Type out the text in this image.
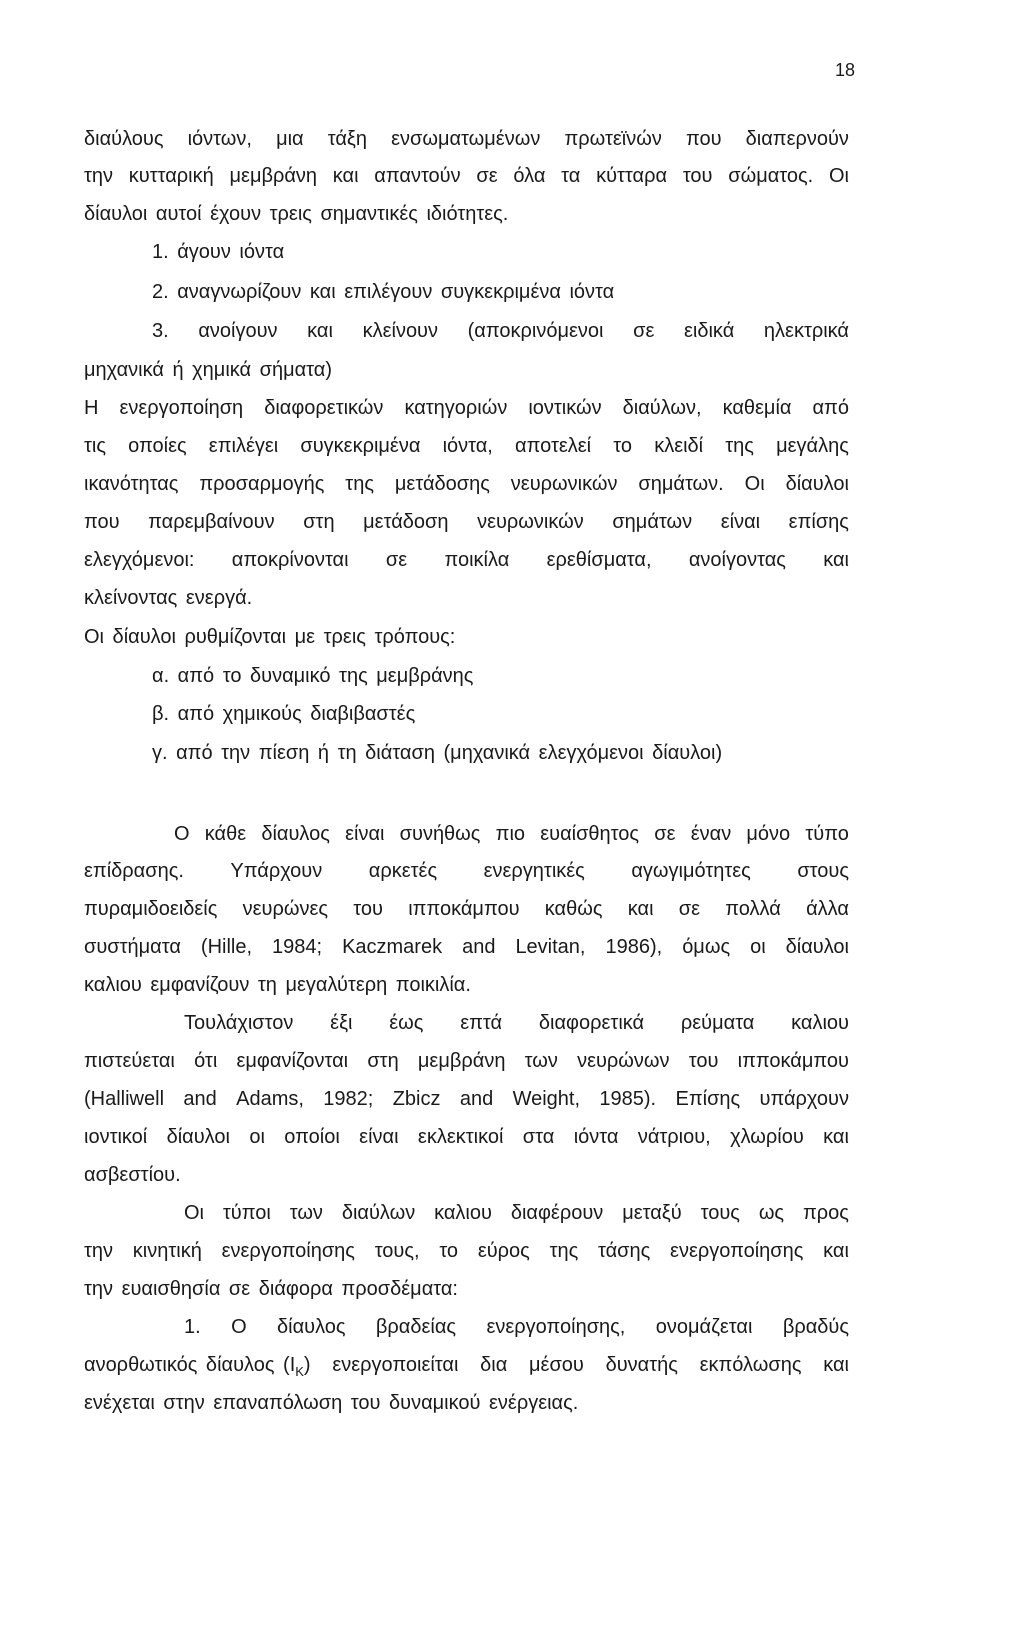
18
διαύλους ιόντων, μια τάξη ενσωματωμένων πρωτεϊνών που διαπερνούν
την κυτταρική μεμβράνη και απαντούν σε όλα τα κύτταρα του σώματος. Οι
δίαυλοι αυτοί έχουν τρεις σημαντικές ιδιότητες.
1. άγουν ιόντα
2. αναγνωρίζουν και επιλέγουν συγκεκριμένα ιόντα
3. ανοίγουν και κλείνουν (αποκρινόμενοι σε ειδικά ηλεκτρικά
μηχανικά ή χημικά σήματα)
Η ενεργοποίηση διαφορετικών κατηγοριών ιοντικών διαύλων, καθεμία από
τις οποίες επιλέγει συγκεκριμένα ιόντα, αποτελεί το κλειδί της μεγάλης
ικανότητας προσαρμογής της μετάδοσης νευρωνικών σημάτων. Οι δίαυλοι
που παρεμβαίνουν στη μετάδοση νευρωνικών σημάτων είναι επίσης
ελεγχόμενοι: αποκρίνονται σε ποικίλα ερεθίσματα, ανοίγοντας και
κλείνοντας ενεργά.
Οι δίαυλοι ρυθμίζονται με τρεις τρόπους:
α. από το δυναμικό της μεμβράνης
β. από χημικούς διαβιβαστές
γ. από την πίεση ή τη διάταση (μηχανικά ελεγχόμενοι δίαυλοι)
Ο κάθε δίαυλος είναι συνήθως πιο ευαίσθητος σε έναν μόνο τύπο
επίδρασης. Υπάρχουν αρκετές ενεργητικές αγωγιμότητες στους
πυραμιδοειδείς νευρώνες του ιπποκάμπου καθώς και σε πολλά άλλα
συστήματα (Hille, 1984; Kaczmarek and Levitan, 1986), όμως οι δίαυλοι
καλιου εμφανίζουν τη μεγαλύτερη ποικιλία.
Τουλάχιστον έξι έως επτά διαφορετικά ρεύματα καλιου
πιστεύεται ότι εμφανίζονται στη μεμβράνη των νευρώνων του ιπποκάμπου
(Halliwell and Adams, 1982; Zbicz and Weight, 1985). Επίσης υπάρχουν
ιοντικοί δίαυλοι οι οποίοι είναι εκλεκτικοί στα ιόντα νάτριου, χλωρίου και
ασβεστίου.
Οι τύποι των διαύλων καλιου διαφέρουν μεταξύ τους ως προς
την κινητική ενεργοποίησης τους, το εύρος της τάσης ενεργοποίησης και
την ευαισθησία σε διάφορα προσδέματα:
1. Ο δίαυλος βραδείας ενεργοποίησης, ονομάζεται βραδύς
ανορθωτικός δίαυλος $(I_K)$ ενεργοποιείται δια μέσου δυνατής εκπόλωσης και
ενέχεται στην επαναπόλωση του δυναμικού ενέργειας.
